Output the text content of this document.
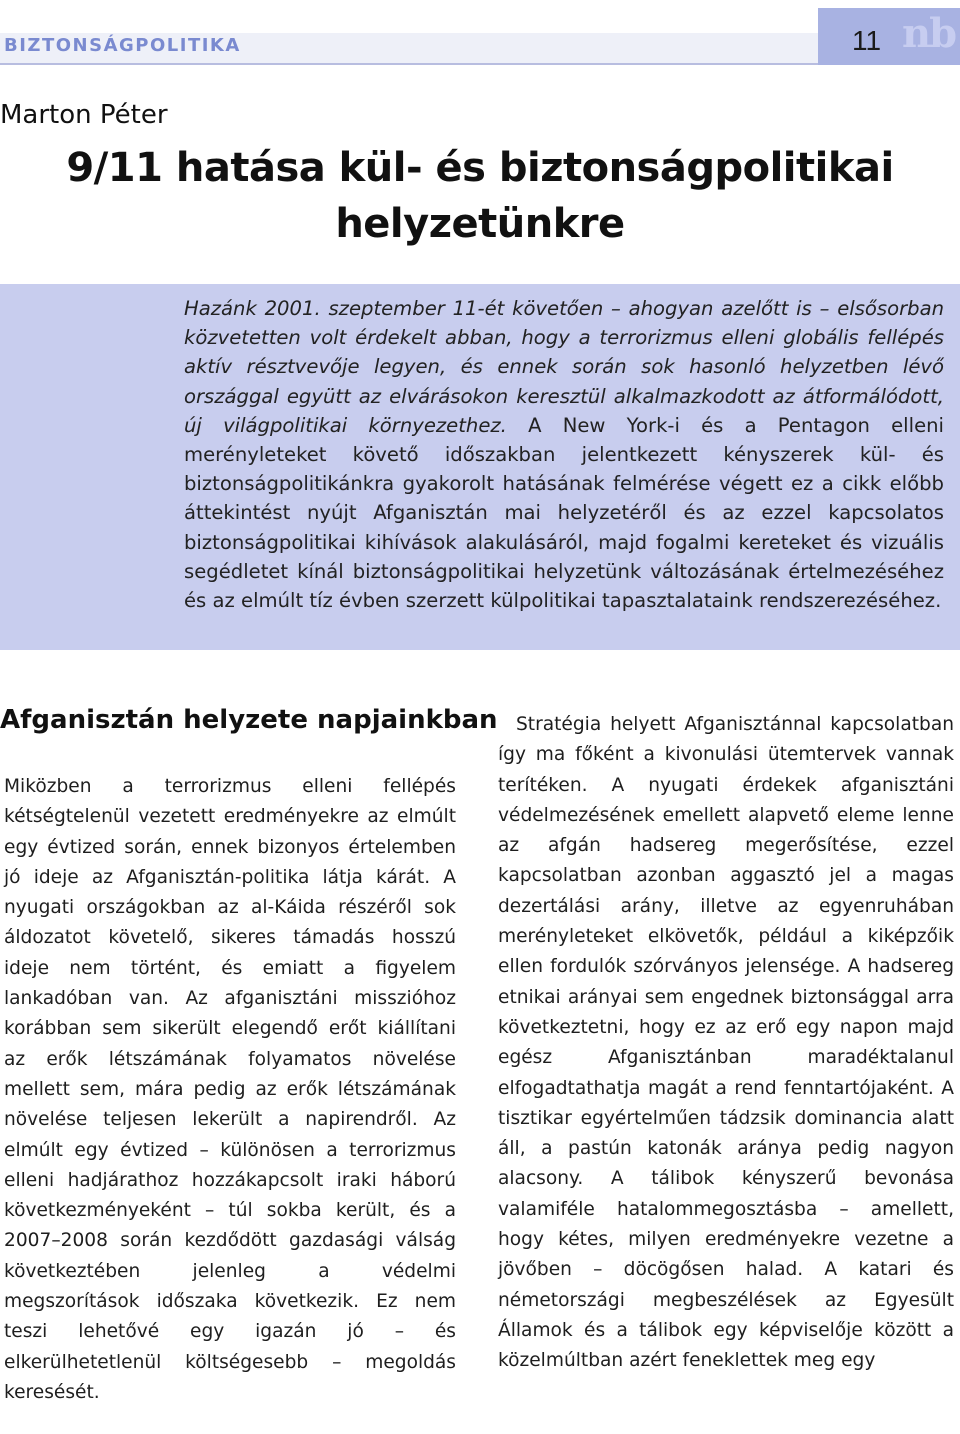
BIZTONSÁGPOLITIKA	11 nb
Marton Péter
9/11 hatása kül- és biztonságpolitikai helyzetünkre

Hazánk 2001. szeptember 11-ét követően – ahogyan azelőtt is – elsősorban közvetetten volt érdekelt abban, hogy a terrorizmus elleni globális fellépés aktív résztvevője legyen, és ennek során sok hasonló helyzetben lévő országgal együtt az elvárásokon keresztül alkalmazkodott az átformálódott, új világpolitikai környezethez. A New York-i és a Pentagon elleni merényleteket követő időszakban jelentkezett kényszerek kül- és biztonságpolitikánkra gyakorolt hatásának felmérése végett ez a cikk előbb áttekintést nyújt Afganisztán mai helyzetéről és az ezzel kapcsolatos biztonságpolitikai kihívások alakulásáról, majd fogalmi kereteket és vizuális segédletet kínál biztonságpolitikai helyzetünk változásának értelmezéséhez és az elmúlt tíz évben szerzett külpolitikai tapasztalataink rendszerezéséhez.

Afganisztán helyzete napjainkban

Miközben a terrorizmus elleni fellépés kétségtelenül vezetett eredményekre az elmúlt egy évtized során, ennek bizonyos értelemben jó ideje az Afganisztán-politika látja kárát. A nyugati országokban az al-Káida részéről sok áldozatot követelő, sikeres támadás hosszú ideje nem történt, és emiatt a figyelem lankadóban van. Az afganisztáni misszióhoz korábban sem sikerült elegendő erőt kiállítani az erők létszámának folyamatos növelése mellett sem, mára pedig az erők létszámának növelése teljesen lekerült a napirendről. Az elmúlt egy évtized – különösen a terrorizmus elleni hadjárathoz hozzákapcsolt iraki háború következményeként – túl sokba került, és a 2007–2008 során kezdődött gazdasági válság következtében jelenleg a védelmi megszorítások időszaka következik. Ez nem teszi lehetővé egy igazán jó – és elkerülhetetlenül költségesebb – megoldás keresését.

Stratégia helyett Afganisztánnal kapcsolatban így ma főként a kivonulási ütemtervek vannak terítéken. A nyugati érdekek afganisztáni védelmezésének emellett alapvető eleme lenne az afgán hadsereg megerősítése, ezzel kapcsolatban azonban aggasztó jel a magas dezertálási arány, illetve az egyenruhában merényleteket elkövetők, például a kiképzőik ellen fordulók szórványos jelensége. A hadsereg etnikai arányai sem engednek biztonsággal arra következtetni, hogy ez az erő egy napon majd egész Afganisztánban maradéktalanul elfogadtathatja magát a rend fenntartójaként. A tisztikar egyértelműen tádzsik dominancia alatt áll, a pastún katonák aránya pedig nagyon alacsony. A tálibok kényszerű bevonása valamiféle hatalommegosztásba – amellett, hogy kétes, milyen eredményekre vezetne a jövőben – döcögősen halad. A katari és németországi megbeszélések az Egyesült Államok és a tálibok egy képviselője között a közelmúltban azért feneklettek meg egy
